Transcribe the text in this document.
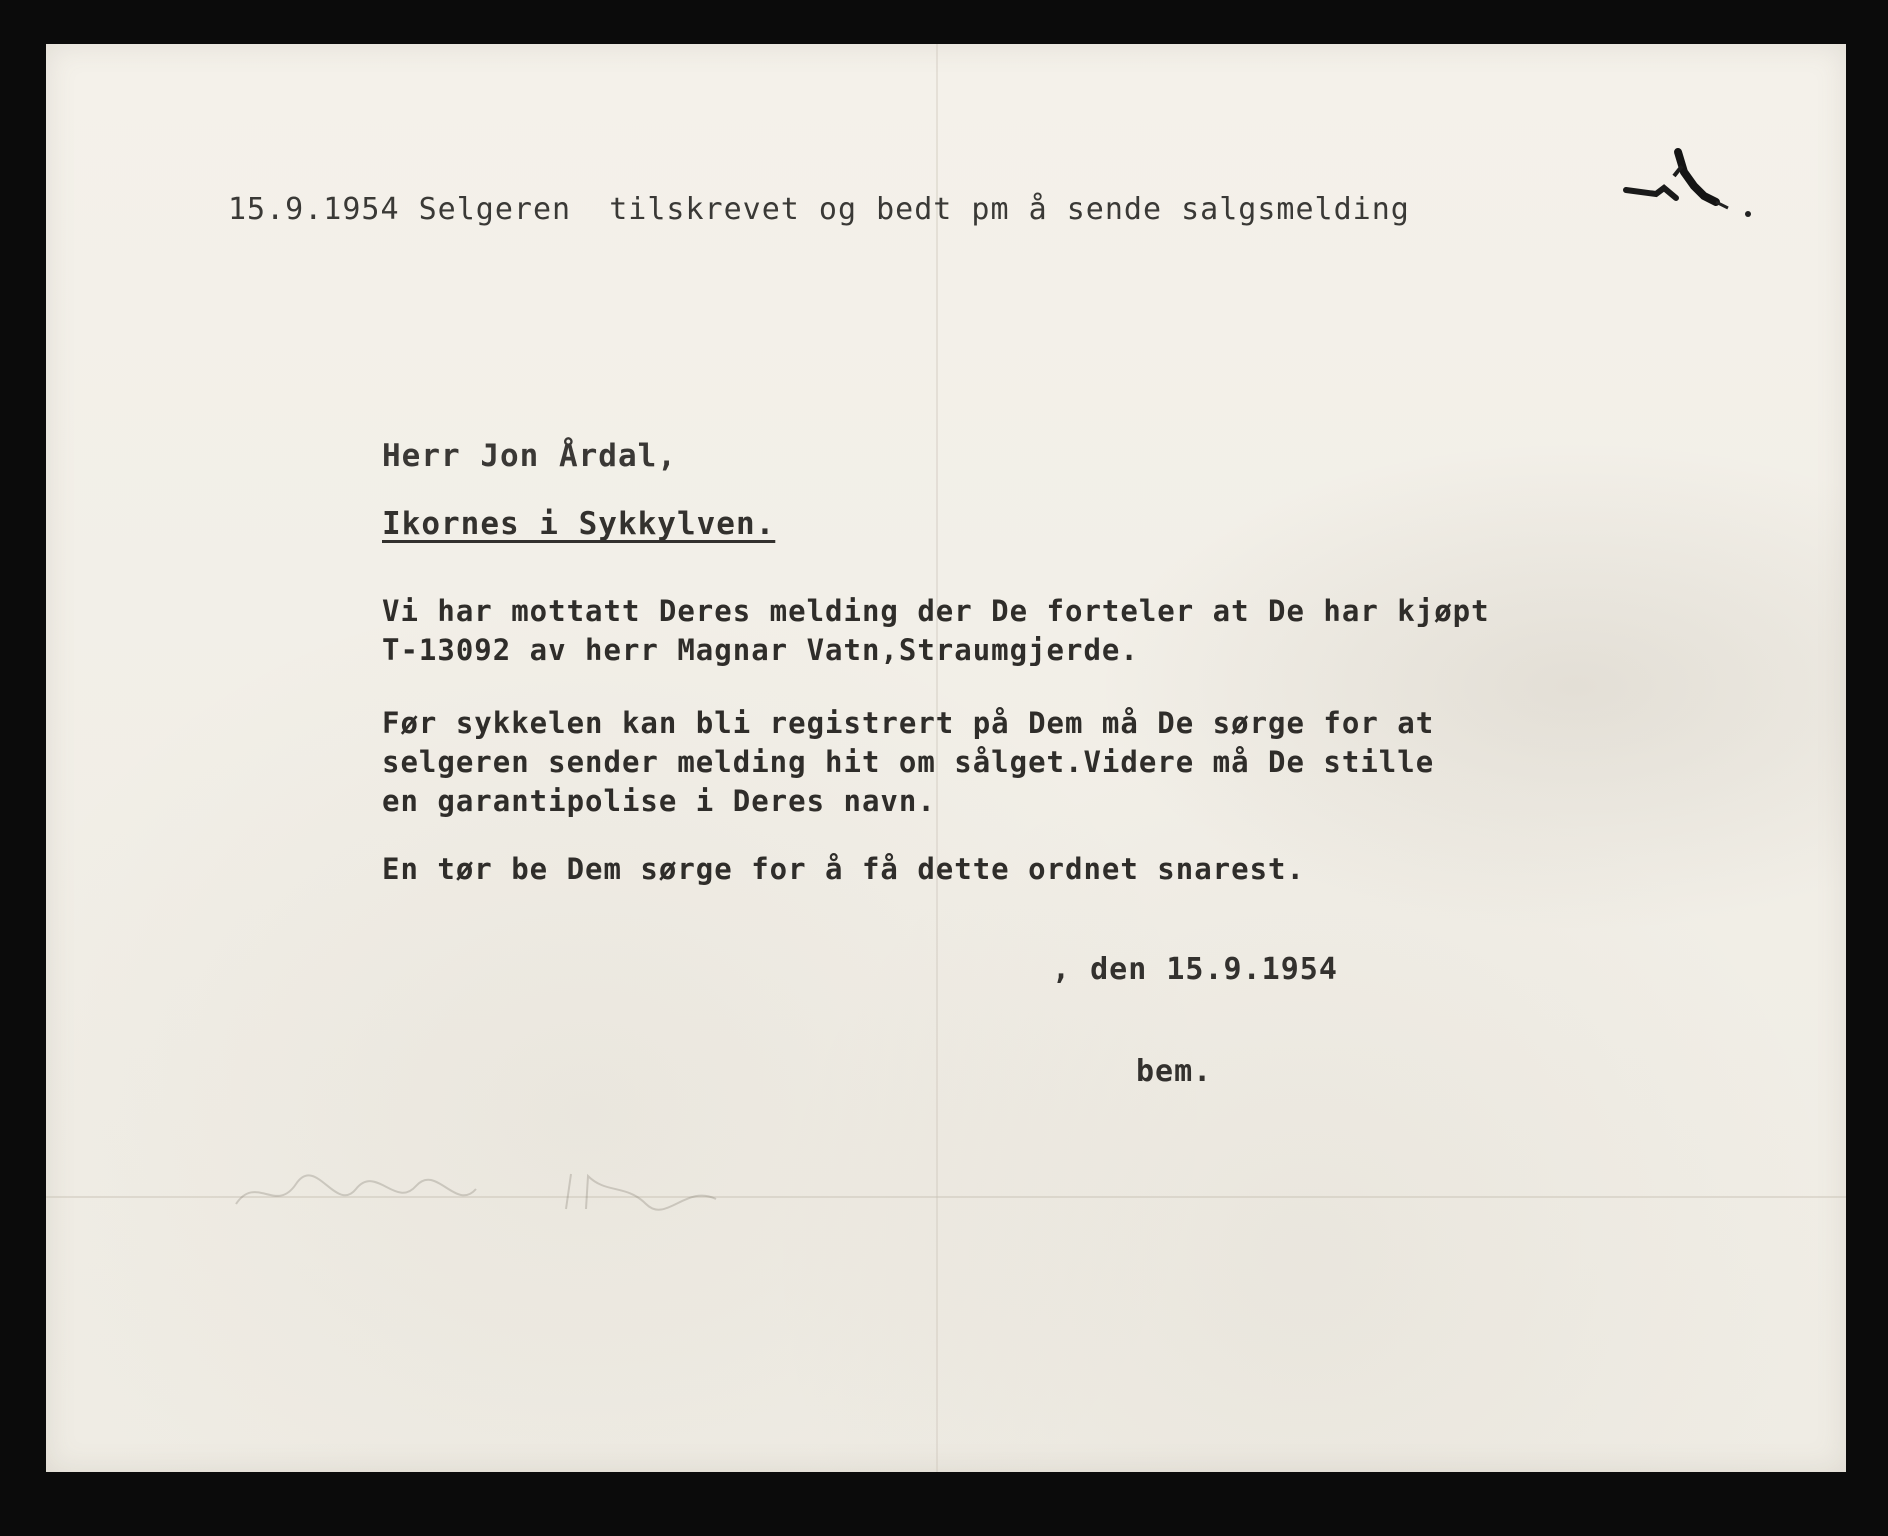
15.9.1954 Selgeren  tilskrevet og bedt pm å sende salgsmelding
Herr Jon Årdal,
Ikornes i Sykkylven.
Vi har mottatt Deres melding der De forteler at De har kjøpt
T-13092 av herr Magnar Vatn,Straumgjerde.
Før sykkelen kan bli registrert på Dem må De sørge for at
selgeren sender melding hit om sålget.Videre må De stille
en garantipolise i Deres navn.
En tør be Dem sørge for å få dette ordnet snarest.
, den 15.9.1954
bem.
